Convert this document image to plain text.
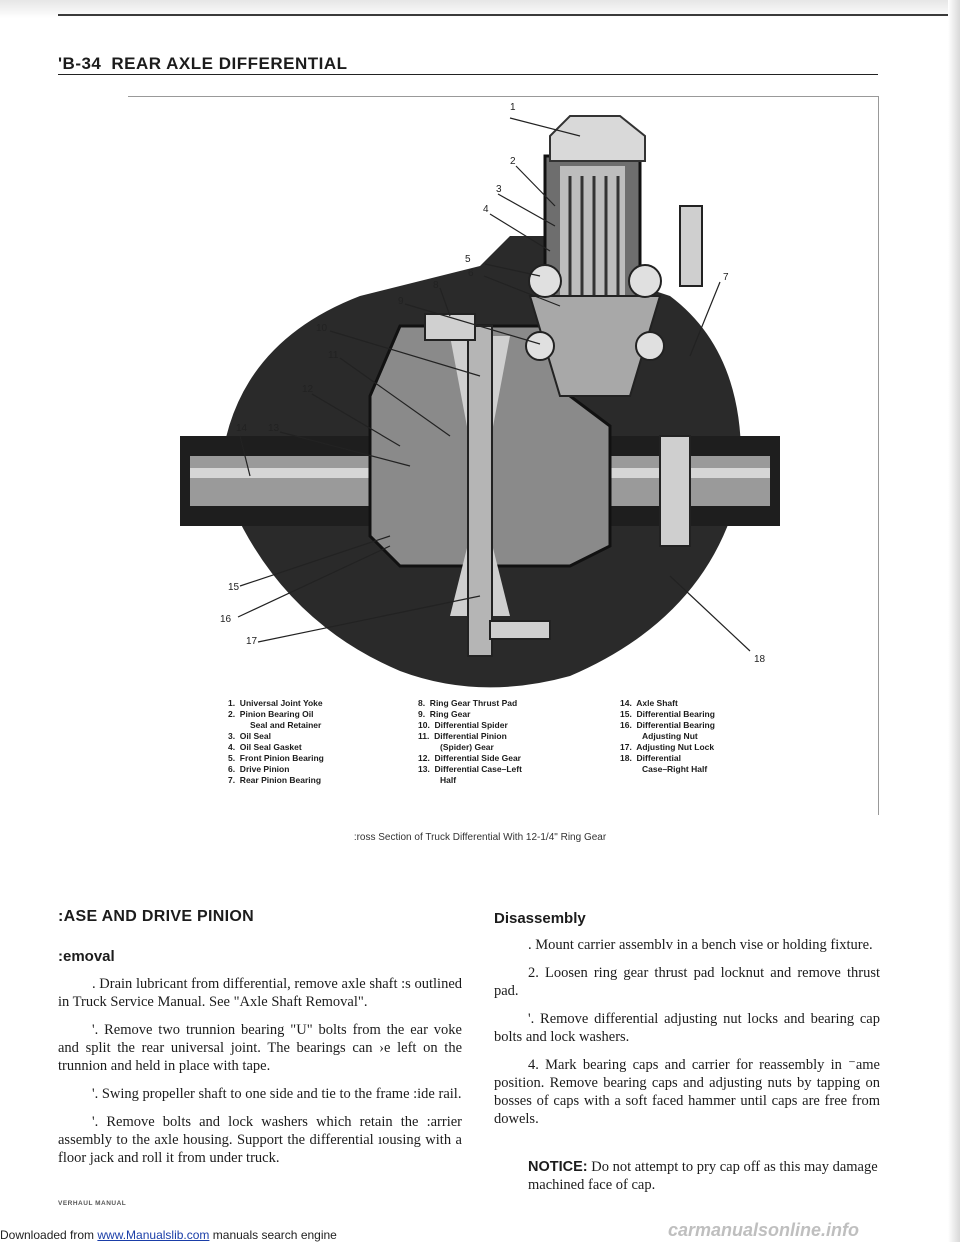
'B-34 REAR AXLE DIFFERENTIAL
1
2
3
4
5
6	7
8
9
10
11
12
13
14
15
16
17
18
1.  Universal Joint Yoke
2.  Pinion Bearing Oil
Seal and Retainer
3.  Oil Seal
4.  Oil Seal Gasket
5.  Front Pinion Bearing
6.  Drive Pinion
7.  Rear Pinion Bearing
8.  Ring Gear Thrust Pad
9.  Ring Gear
10.  Differential Spider
11.  Differential Pinion
(Spider) Gear
12.  Differential Side Gear
13.  Differential Case–Left
Half
14.  Axle Shaft
15.  Differential Bearing
16.  Differential Bearing
Adjusting Nut
17.  Adjusting Nut Lock
18.  Differential
Case–Right Half
:ross Section of Truck Differential With 12-1/4" Ring Gear
:ASE AND DRIVE PINION
:emoval
. Drain lubricant from differential, remove axle shaft :s outlined in Truck Service Manual. See "Axle Shaft ⁠Removal".
'. Remove two trunnion bearing "U" bolts from the ear voke and split the rear universal joint. The bearings can ›e left on the trunnion and held in place with tape.
'. Swing propeller shaft to one side and tie to the frame :ide rail.
'. Remove bolts and lock washers which retain the :arrier assembly to the axle housing. Support the differential ıousing with a floor jack and roll it from under truck.
Disassembly
. Mount carrier assemblv in a bench vise or holding fixture.
2. Loosen ring gear thrust pad locknut and remove thrust pad.
'. Remove differential adjusting nut locks and bearing cap bolts and lock washers.
4. Mark bearing caps and carrier for reassembly in ⁻ame position. Remove bearing caps and adjusting nuts by tapping on bosses of caps with a soft faced hammer until caps are free from dowels.
NOTICE: Do not attempt to pry cap off as this may damage machined face of cap.
VERHAUL MANUAL
Downloaded from www.Manualslib.com manuals search engine	carmanualsonline.info
